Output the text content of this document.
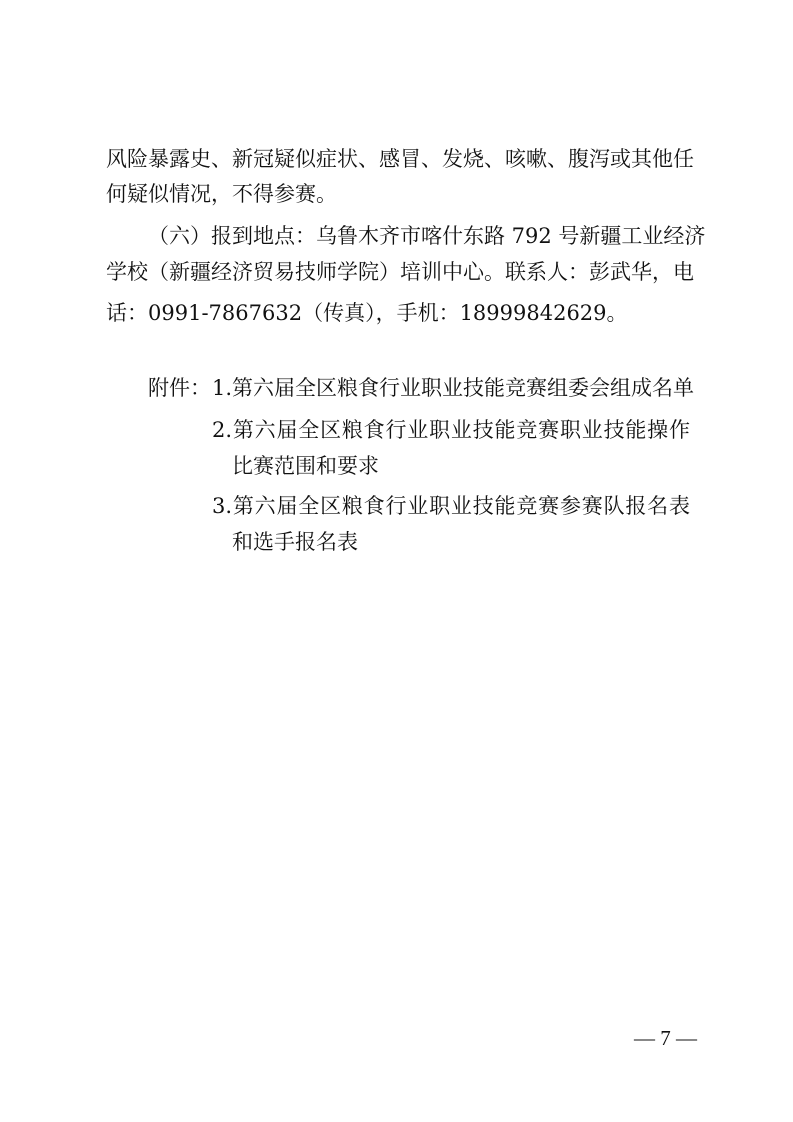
风险暴露史、新冠疑似症状、感冒、发烧、咳嗽、腹泻或其他任
何疑似情况，不得参赛。
（六）报到地点：乌鲁木齐市喀什东路 792 号新疆工业经济
学校（新疆经济贸易技师学院）培训中心。联系人：彭武华，电
话：0991-7867632（传真），手机：18999842629。
附件： 1.第六届全区粮食行业职业技能竞赛组委会组成名单
2.第六届全区粮食行业职业技能竞赛职业技能操作
比赛范围和要求
3.第六届全区粮食行业职业技能竞赛参赛队报名表
和选手报名表
— 7 —
